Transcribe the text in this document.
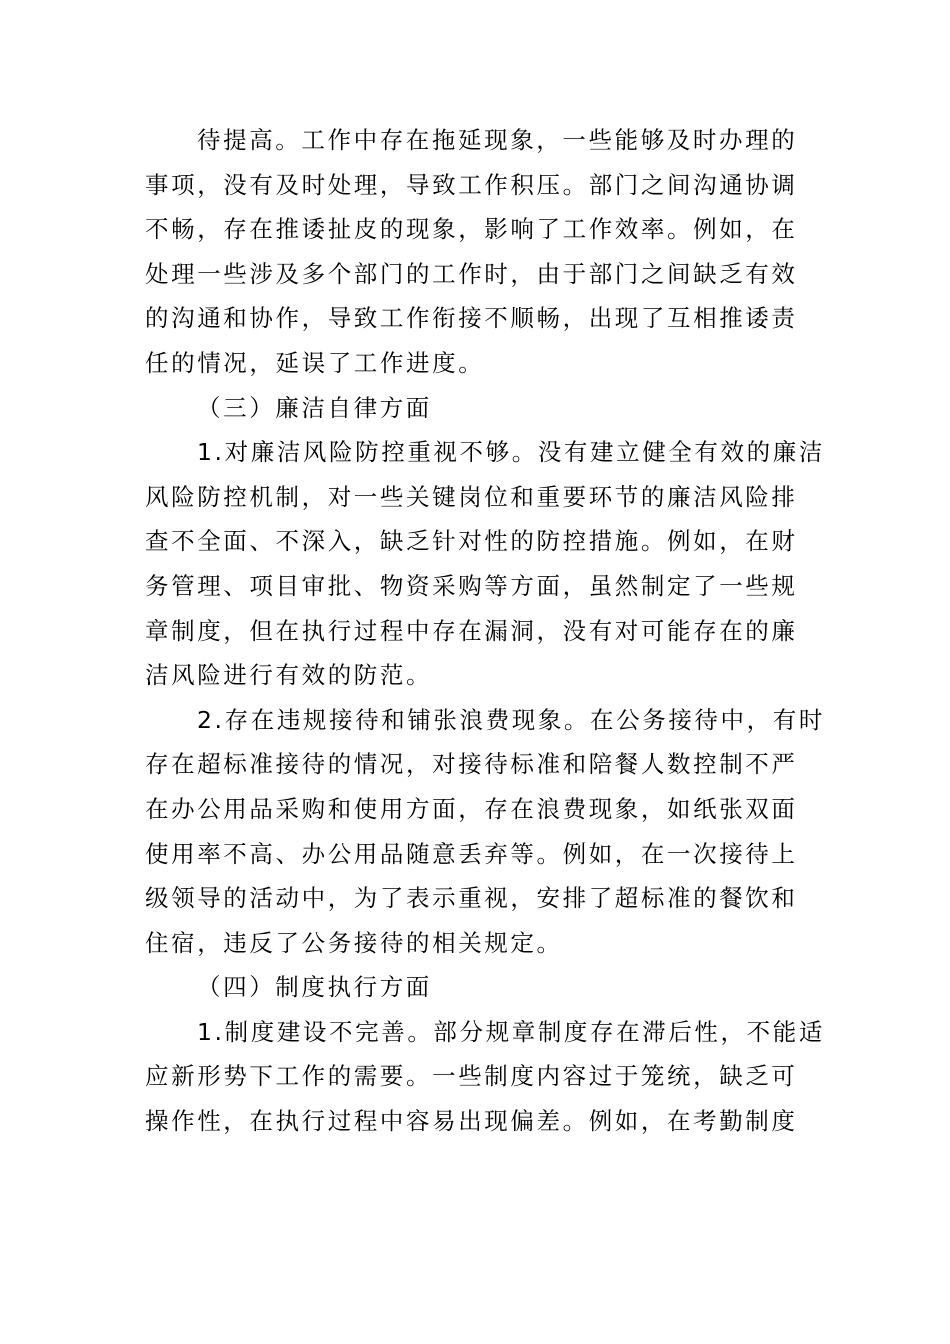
待提高。工作中存在拖延现象，一些能够及时办理的
事项，没有及时处理，导致工作积压。部门之间沟通协调
不畅，存在推诿扯皮的现象，影响了工作效率。例如，在
处理一些涉及多个部门的工作时，由于部门之间缺乏有效
的沟通和协作，导致工作衔接不顺畅，出现了互相推诿责
任的情况，延误了工作进度。
（三）廉洁自律方面
1.对廉洁风险防控重视不够。没有建立健全有效的廉洁
风险防控机制，对一些关键岗位和重要环节的廉洁风险排
查不全面、不深入，缺乏针对性的防控措施。例如，在财
务管理、项目审批、物资采购等方面，虽然制定了一些规
章制度，但在执行过程中存在漏洞，没有对可能存在的廉
洁风险进行有效的防范。
2.存在违规接待和铺张浪费现象。在公务接待中，有时
存在超标准接待的情况，对接待标准和陪餐人数控制不严
在办公用品采购和使用方面，存在浪费现象，如纸张双面
使用率不高、办公用品随意丢弃等。例如，在一次接待上
级领导的活动中，为了表示重视，安排了超标准的餐饮和
住宿，违反了公务接待的相关规定。
（四）制度执行方面
1.制度建设不完善。部分规章制度存在滞后性，不能适
应新形势下工作的需要。一些制度内容过于笼统，缺乏可
操作性，在执行过程中容易出现偏差。例如，在考勤制度
